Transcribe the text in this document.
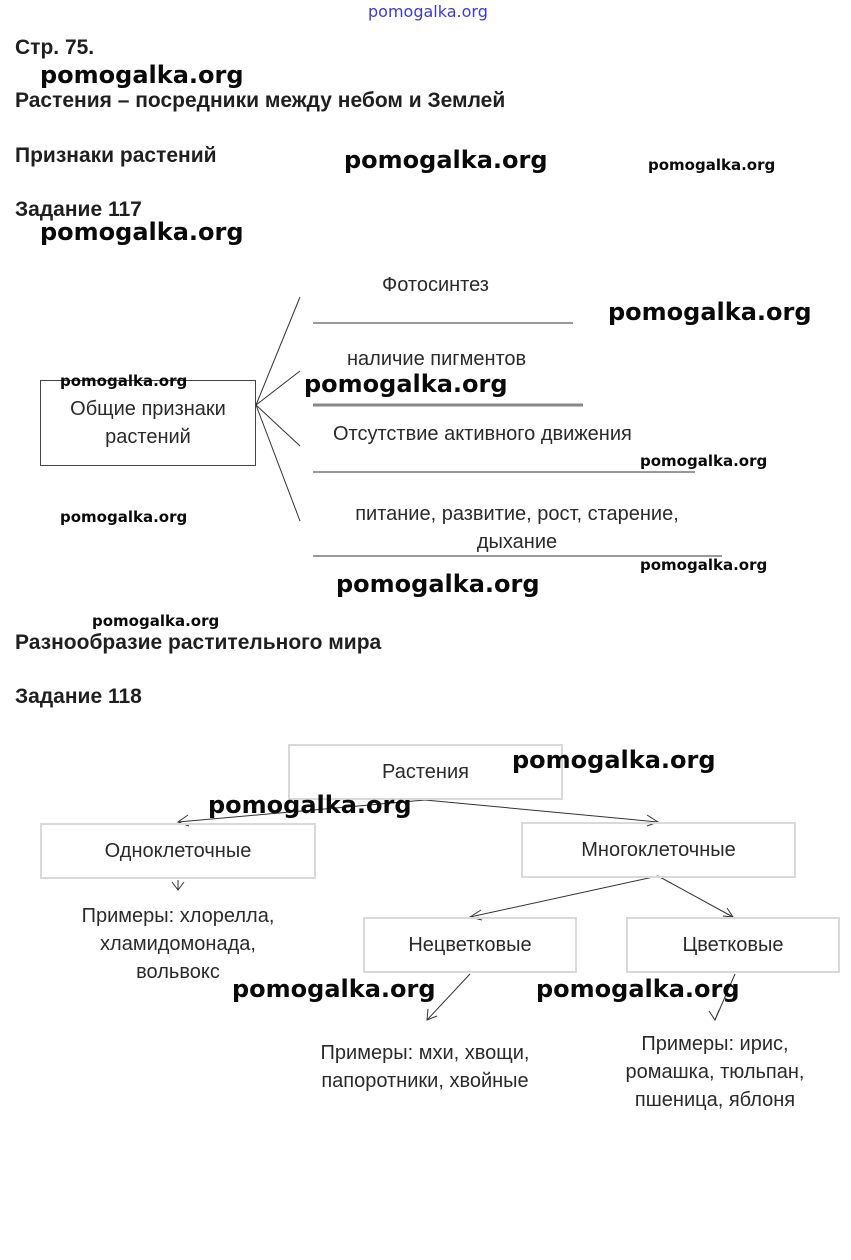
pomogalka.org
Стр. 75.
Растения – посредники между небом и Землей
Признаки растений
Задание 117
Общие признаки растений
Фотосинтез
наличие пигментов
Отсутствие активного движения
питание, развитие, рост, старение, дыхание
Разнообразие растительного мира
Задание 118
Растения
Одноклеточные	Многоклеточные
Нецветковые	Цветковые
Примеры: хлорелла, хламидомонада, вольвокс
Примеры: мхи, хвощи, папоротники, хвойные
Примеры: ирис, ромашка, тюльпан, пшеница, яблоня
pomogalka.org
pomogalka.org
pomogalka.org
pomogalka.org
pomogalka.org
pomogalka.org
pomogalka.org
pomogalka.org
pomogalka.org	pomogalka.org
pomogalka.org
pomogalka.org
pomogalka.org
pomogalka.org
pomogalka.org
pomogalka.org
